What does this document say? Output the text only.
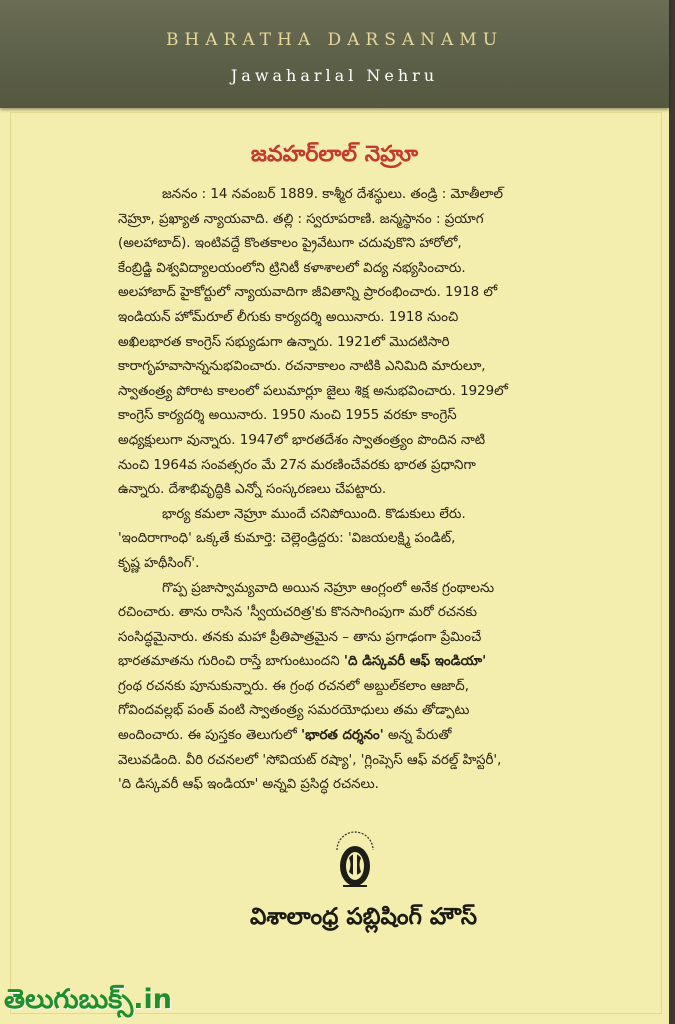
BHARATHA DARSANAMU
Jawaharlal Nehru
జవహర్‌లాల్ నెహ్రూ
జననం : 14 నవంబర్ 1889. కాశ్మీర దేశస్థులు. తండ్రి : మోతీలాల్
నెహ్రూ, ప్రఖ్యాత న్యాయవాది. తల్లి : స్వరూపరాణి. జన్మస్థానం : ప్రయాగ
(అలహాబాద్). ఇంటివద్దే కొంతకాలం ప్రైవేటుగా చదువుకొని హారోలో,
కేంబ్రిడ్జి విశ్వవిద్యాలయంలోని ట్రినిటీ కళాశాలలో విద్య నభ్యసించారు.
అలహాబాద్ హైకోర్టులో న్యాయవాదిగా జీవితాన్ని ప్రారంభించారు. 1918 లో
ఇండియన్ హోమ్‌రూల్ లీగుకు కార్యదర్శి అయినారు. 1918 నుంచి
అఖిలభారత కాంగ్రెస్ సభ్యుడుగా ఉన్నారు. 1921లో మొదటిసారి
కారాగృహవాసాన్ననుభవించారు. రచనాకాలం నాటికి ఎనిమిది మారులూ,
స్వాతంత్ర్య పోరాట కాలంలో పలుమార్లూ జైలు శిక్ష అనుభవించారు. 1929లో
కాంగ్రెస్ కార్యదర్శి అయినారు. 1950 నుంచి 1955 వరకూ కాంగ్రెస్
అధ్యక్షులుగా వున్నారు. 1947లో భారతదేశం స్వాతంత్ర్యం పొందిన నాటి
నుంచి 1964వ సంవత్సరం మే 27న మరణించేవరకు భారత ప్రధానిగా
ఉన్నారు. దేశాభివృద్ధికి ఎన్నో సంస్కరణలు చేపట్టారు.
భార్య కమలా నెహ్రూ ముందే చనిపోయింది. కొడుకులు లేరు.
'ఇందిరాగాంధి' ఒక్కతే కుమార్తె: చెల్లెండ్రిద్దరు: 'విజయలక్ష్మి పండిట్,
కృష్ణ హథీసింగ్'.
గొప్ప ప్రజాస్వామ్యవాది అయిన నెహ్రూ ఆంగ్లంలో అనేక గ్రంథాలను
రచించారు. తాను రాసిన 'స్వీయచరిత్ర'కు కొనసాగింపుగా మరో రచనకు
సంసిద్ధమైనారు. తనకు మహా ప్రీతిపాత్రమైన – తాను ప్రగాఢంగా ప్రేమించే
భారతమాతను గురించి రాస్తే బాగుంటుందని 'ది డిస్కవరీ ఆఫ్ ఇండియా'
గ్రంథ రచనకు పూనుకున్నారు. ఈ గ్రంథ రచనలో అబ్దుల్‌కలాం ఆజాద్,
గోవిందవల్లభ్ పంత్ వంటి స్వాతంత్ర్య సమరయోధులు తమ తోడ్పాటు
అందించారు. ఈ పుస్తకం తెలుగులో 'భారత దర్శనం' అన్న పేరుతో
వెలువడింది. వీరి రచనలలో 'సోవియట్ రష్యా', 'గ్లింప్సెస్ ఆఫ్ వరల్డ్ హిస్టరీ',
'ది డిస్కవరీ ఆఫ్ ఇండియా' అన్నవి ప్రసిద్ధ రచనలు.
విశాలాంధ్ర పబ్లిషింగ్ హౌస్
తెలుగుబుక్స్.in
